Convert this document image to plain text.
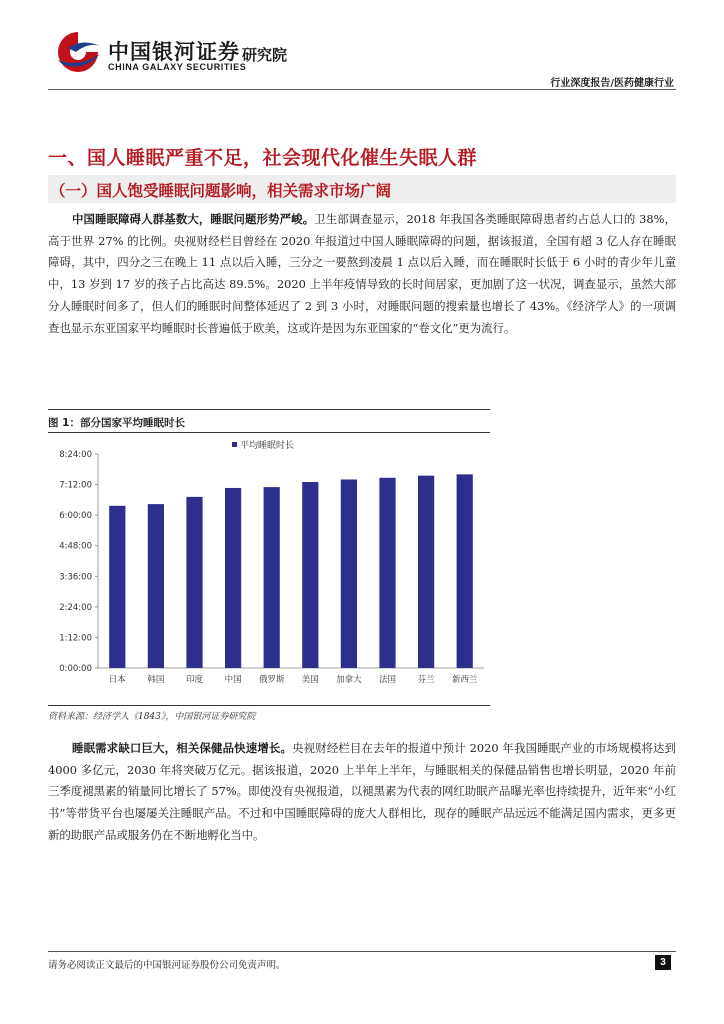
中国银河证券
CHINA GALAXY SECURITIES
研究院
行业深度报告/医药健康行业
一、国人睡眠严重不足，社会现代化催生失眠人群
（一）国人饱受睡眠问题影响，相关需求市场广阔
中国睡眠障碍人群基数大，睡眠问题形势严峻。卫生部调查显示，2018 年我国各类睡眠障碍患者约占总人口的 38%，高于世界 27% 的比例。央视财经栏目曾经在 2020 年报道过中国人睡眠障碍的问题，据该报道，全国有超 3 亿人存在睡眠障碍，其中，四分之三在晚上 11 点以后入睡，三分之一要熬到凌晨 1 点以后入睡，而在睡眠时长低于 6 小时的青少年儿童中，13 岁到 17 岁的孩子占比高达 89.5%。2020 上半年疫情导致的长时间居家，更加剧了这一状况，调查显示，虽然大部分人睡眠时间多了，但人们的睡眠时间整体延迟了 2 到 3 小时，对睡眠问题的搜索量也增长了 43%。《经济学人》的一项调查也显示东亚国家平均睡眠时长普遍低于欧美，这或许是因为东亚国家的“卷文化”更为流行。
图 1：部分国家平均睡眠时长
平均睡眠时长
0:00:00
1:12:00
2:24:00
3:36:00
4:48:00
6:00:00
7:12:00
8:24:00
日本	韩国	印度	中国 俄罗斯 美国 加拿大 法国	芬兰 新西兰
资料来源：经济学人《1843》，中国银河证券研究院
睡眠需求缺口巨大，相关保健品快速增长。央视财经栏目在去年的报道中预计 2020 年我国睡眠产业的市场规模将达到 4000 多亿元，2030 年将突破万亿元。据该报道，2020 上半年上半年，与睡眠相关的保健品销售也增长明显，2020 年前三季度褪黑素的销量同比增长了 57%。即使没有央视报道，以褪黑素为代表的网红助眠产品曝光率也持续提升，近年来“小红书”等带货平台也屡屡关注睡眠产品。不过和中国睡眠障碍的庞大人群相比，现存的睡眠产品远远不能满足国内需求，更多更新的助眠产品或服务仍在不断地孵化当中。
请务必阅读正文最后的中国银河证券股份公司免责声明。	3
